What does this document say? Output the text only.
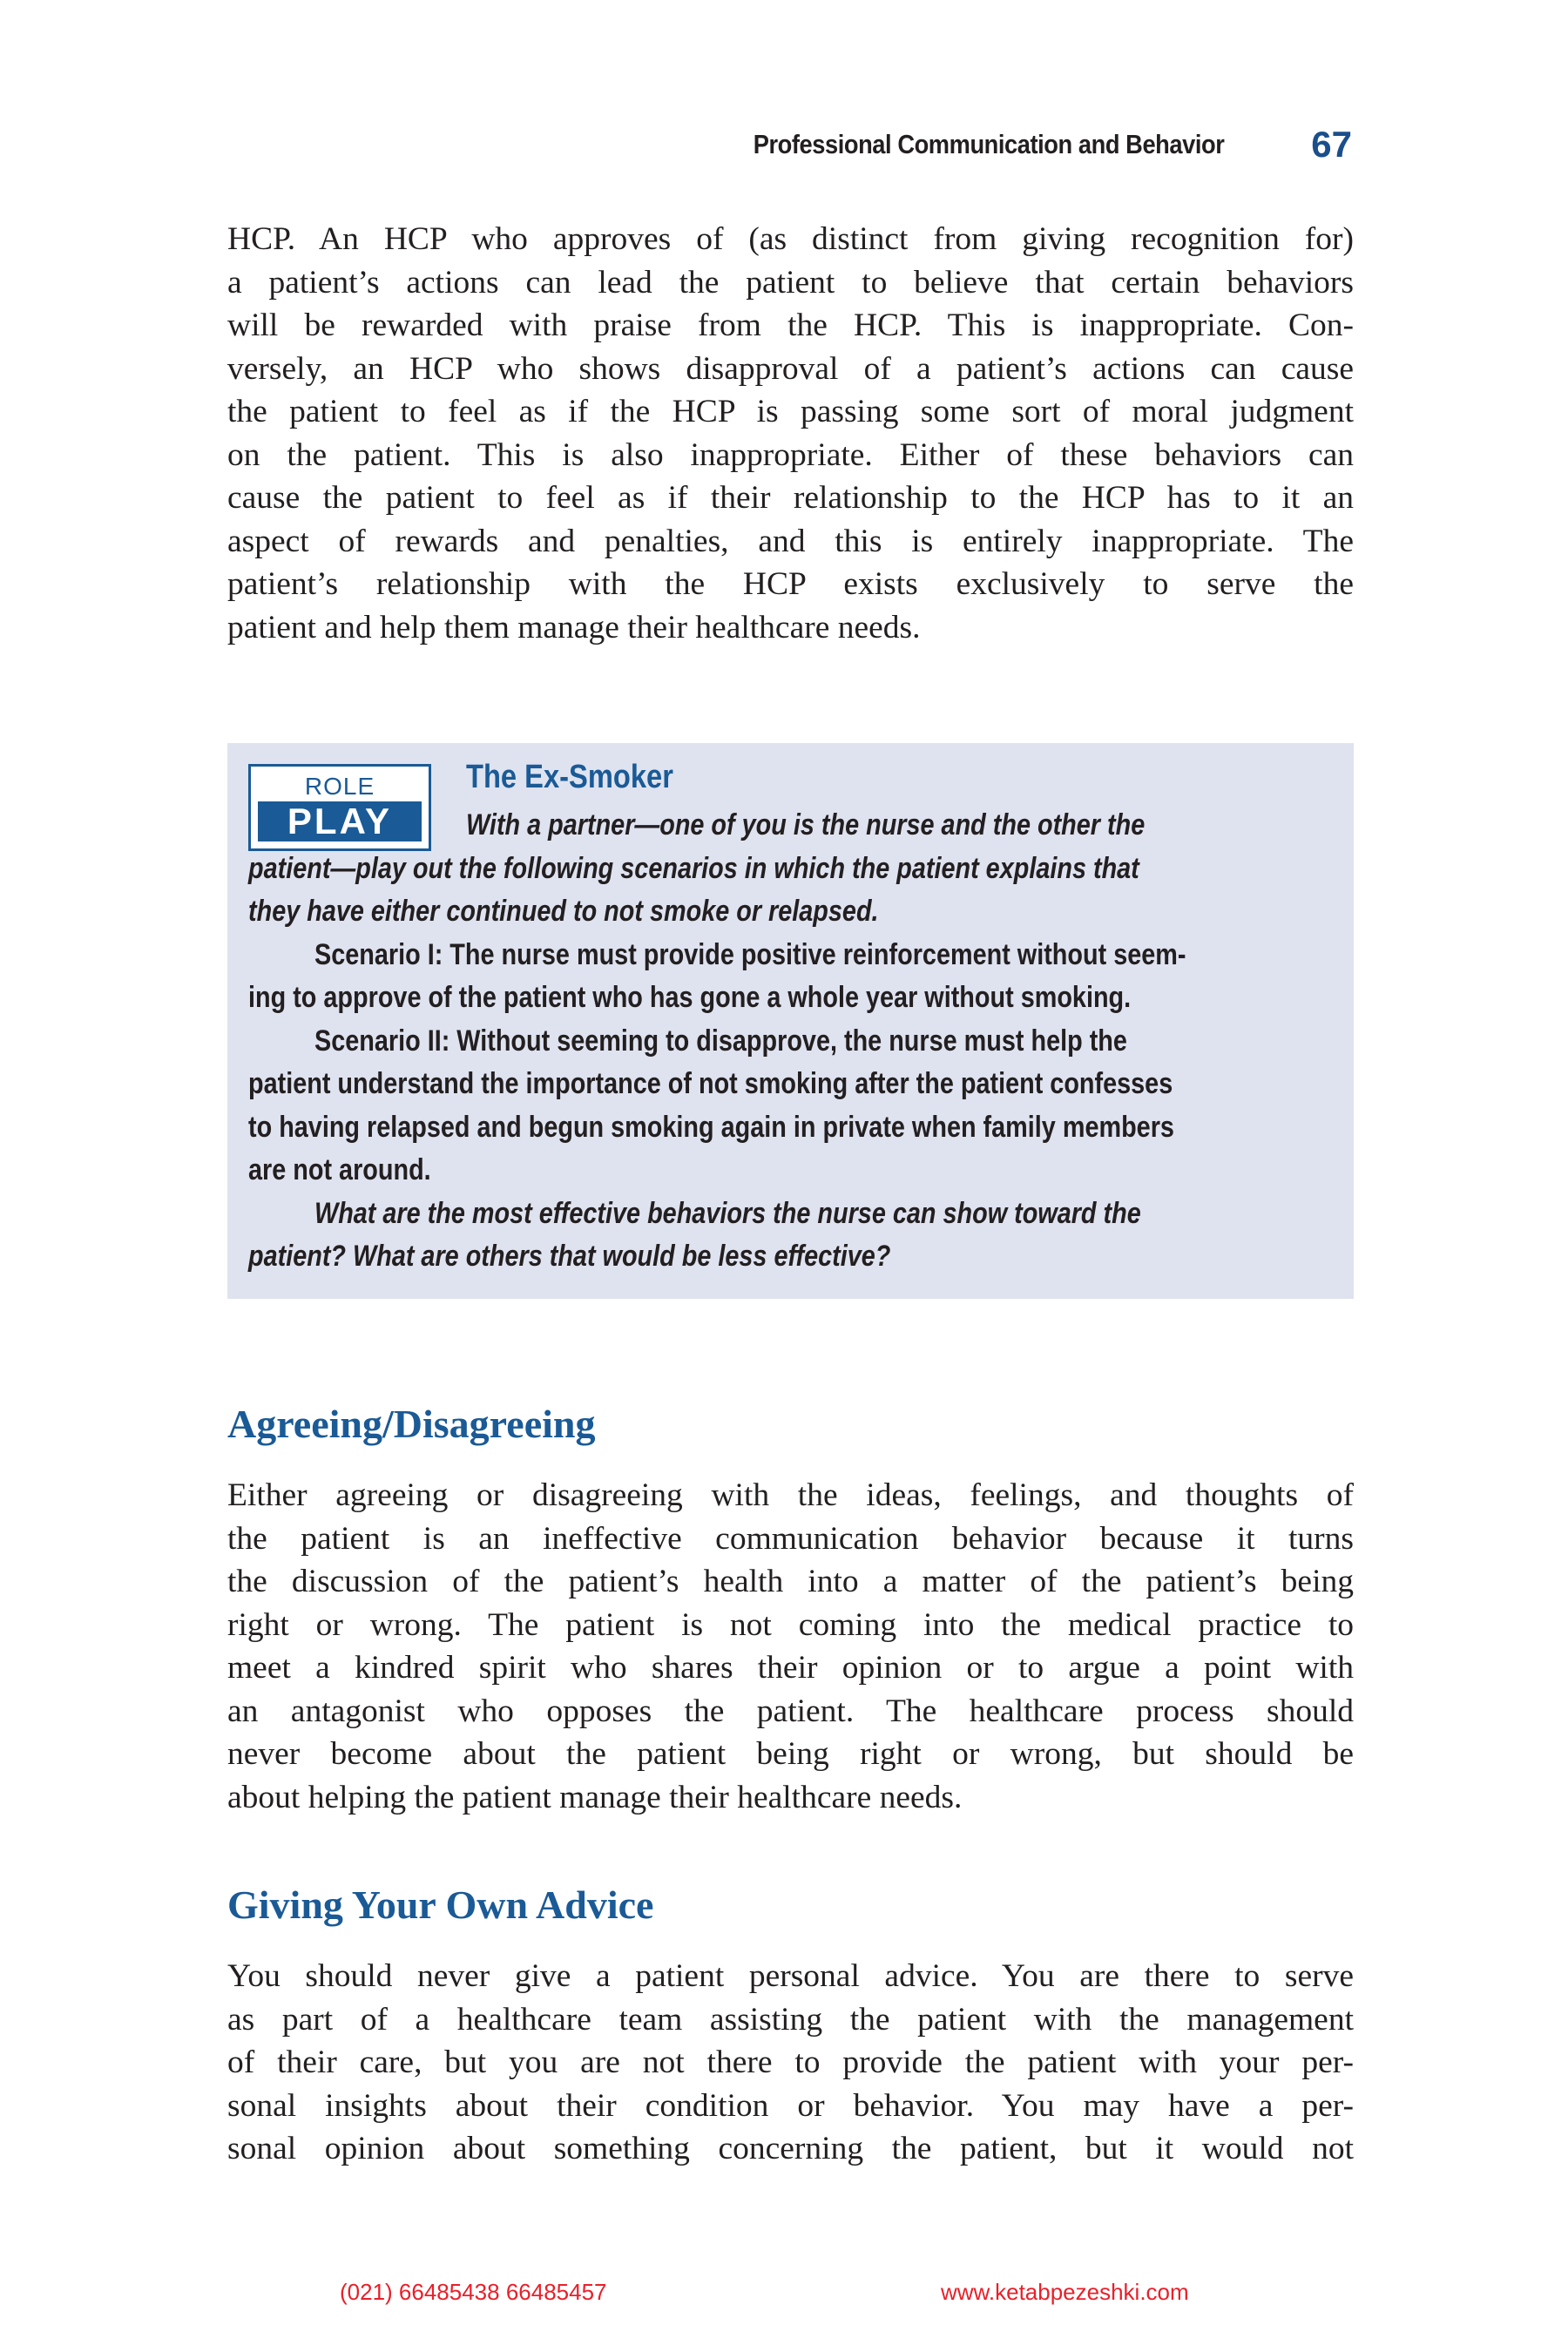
Professional Communication and Behavior 67
HCP. An HCP who approves of (as distinct from giving recognition for)
a patient’s actions can lead the patient to believe that certain behaviors
will be rewarded with praise from the HCP. This is inappropriate. Con-
versely, an HCP who shows disapproval of a patient’s actions can cause
the patient to feel as if the HCP is passing some sort of moral judgment
on the patient. This is also inappropriate. Either of these behaviors can
cause the patient to feel as if their relationship to the HCP has to it an
aspect of rewards and penalties, and this is entirely inappropriate. The
patient’s relationship with the HCP exists exclusively to serve the
patient and help them manage their healthcare needs.
ROLE
PLAY
The Ex-Smoker
With a partner—one of you is the nurse and the other the
patient—play out the following scenarios in which the patient explains that
they have either continued to not smoke or relapsed.
Scenario I: The nurse must provide positive reinforcement without seem-
ing to approve of the patient who has gone a whole year without smoking.
Scenario II: Without seeming to disapprove, the nurse must help the
patient understand the importance of not smoking after the patient confesses
to having relapsed and begun smoking again in private when family members
are not around.
What are the most effective behaviors the nurse can show toward the
patient? What are others that would be less effective?
Agreeing/Disagreeing
Either agreeing or disagreeing with the ideas, feelings, and thoughts of
the patient is an ineffective communication behavior because it turns
the discussion of the patient’s health into a matter of the patient’s being
right or wrong. The patient is not coming into the medical practice to
meet a kindred spirit who shares their opinion or to argue a point with
an antagonist who opposes the patient. The healthcare process should
never become about the patient being right or wrong, but should be
about helping the patient manage their healthcare needs.
Giving Your Own Advice
You should never give a patient personal advice. You are there to serve
as part of a healthcare team assisting the patient with the management
of their care, but you are not there to provide the patient with your per-
sonal insights about their condition or behavior. You may have a per-
sonal opinion about something concerning the patient, but it would not
(021) 66485438 66485457	www.ketabpezeshki.com
